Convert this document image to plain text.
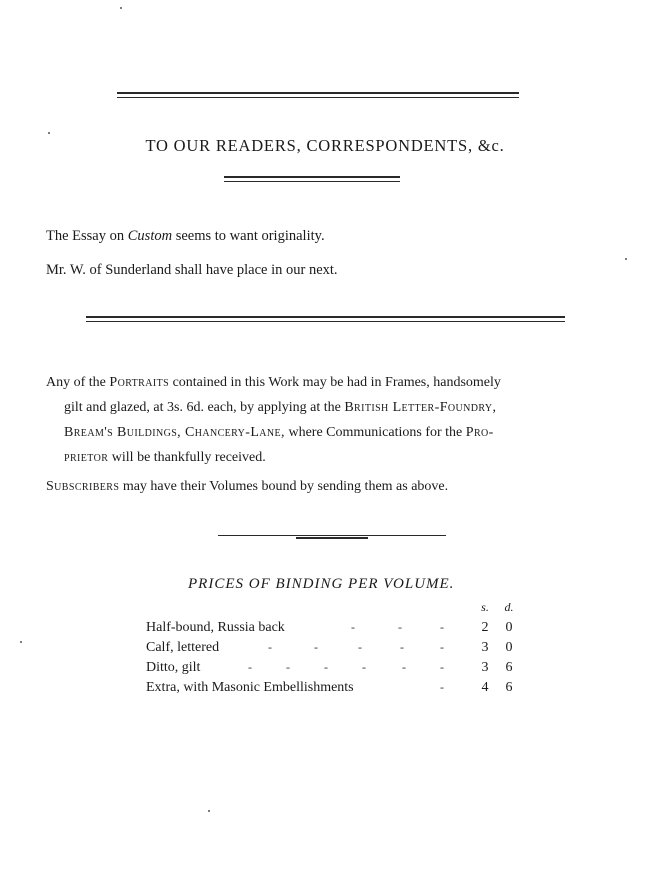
TO OUR READERS, CORRESPONDENTS, &c.
The Essay on Custom seems to want originality.
Mr. W. of Sunderland shall have place in our next.
Any of the Portraits contained in this Work may be had in Frames, handsomely
gilt and glazed, at 3s. 6d. each, by applying at the British Letter-Foundry,
Bream's Buildings, Chancery-Lane, where Communications for the Pro-
prietor will be thankfully received.
Subscribers may have their Volumes bound by sending them as above.
PRICES OF BINDING PER VOLUME.
s. d.
Half-bound, Russia back	-	-	-	2 0
Calf, lettered	-	-	-	-	-	3 0
Ditto, gilt	-	-	-	-	-	-	3 6
Extra, with Masonic Embellishments	-	4 6
